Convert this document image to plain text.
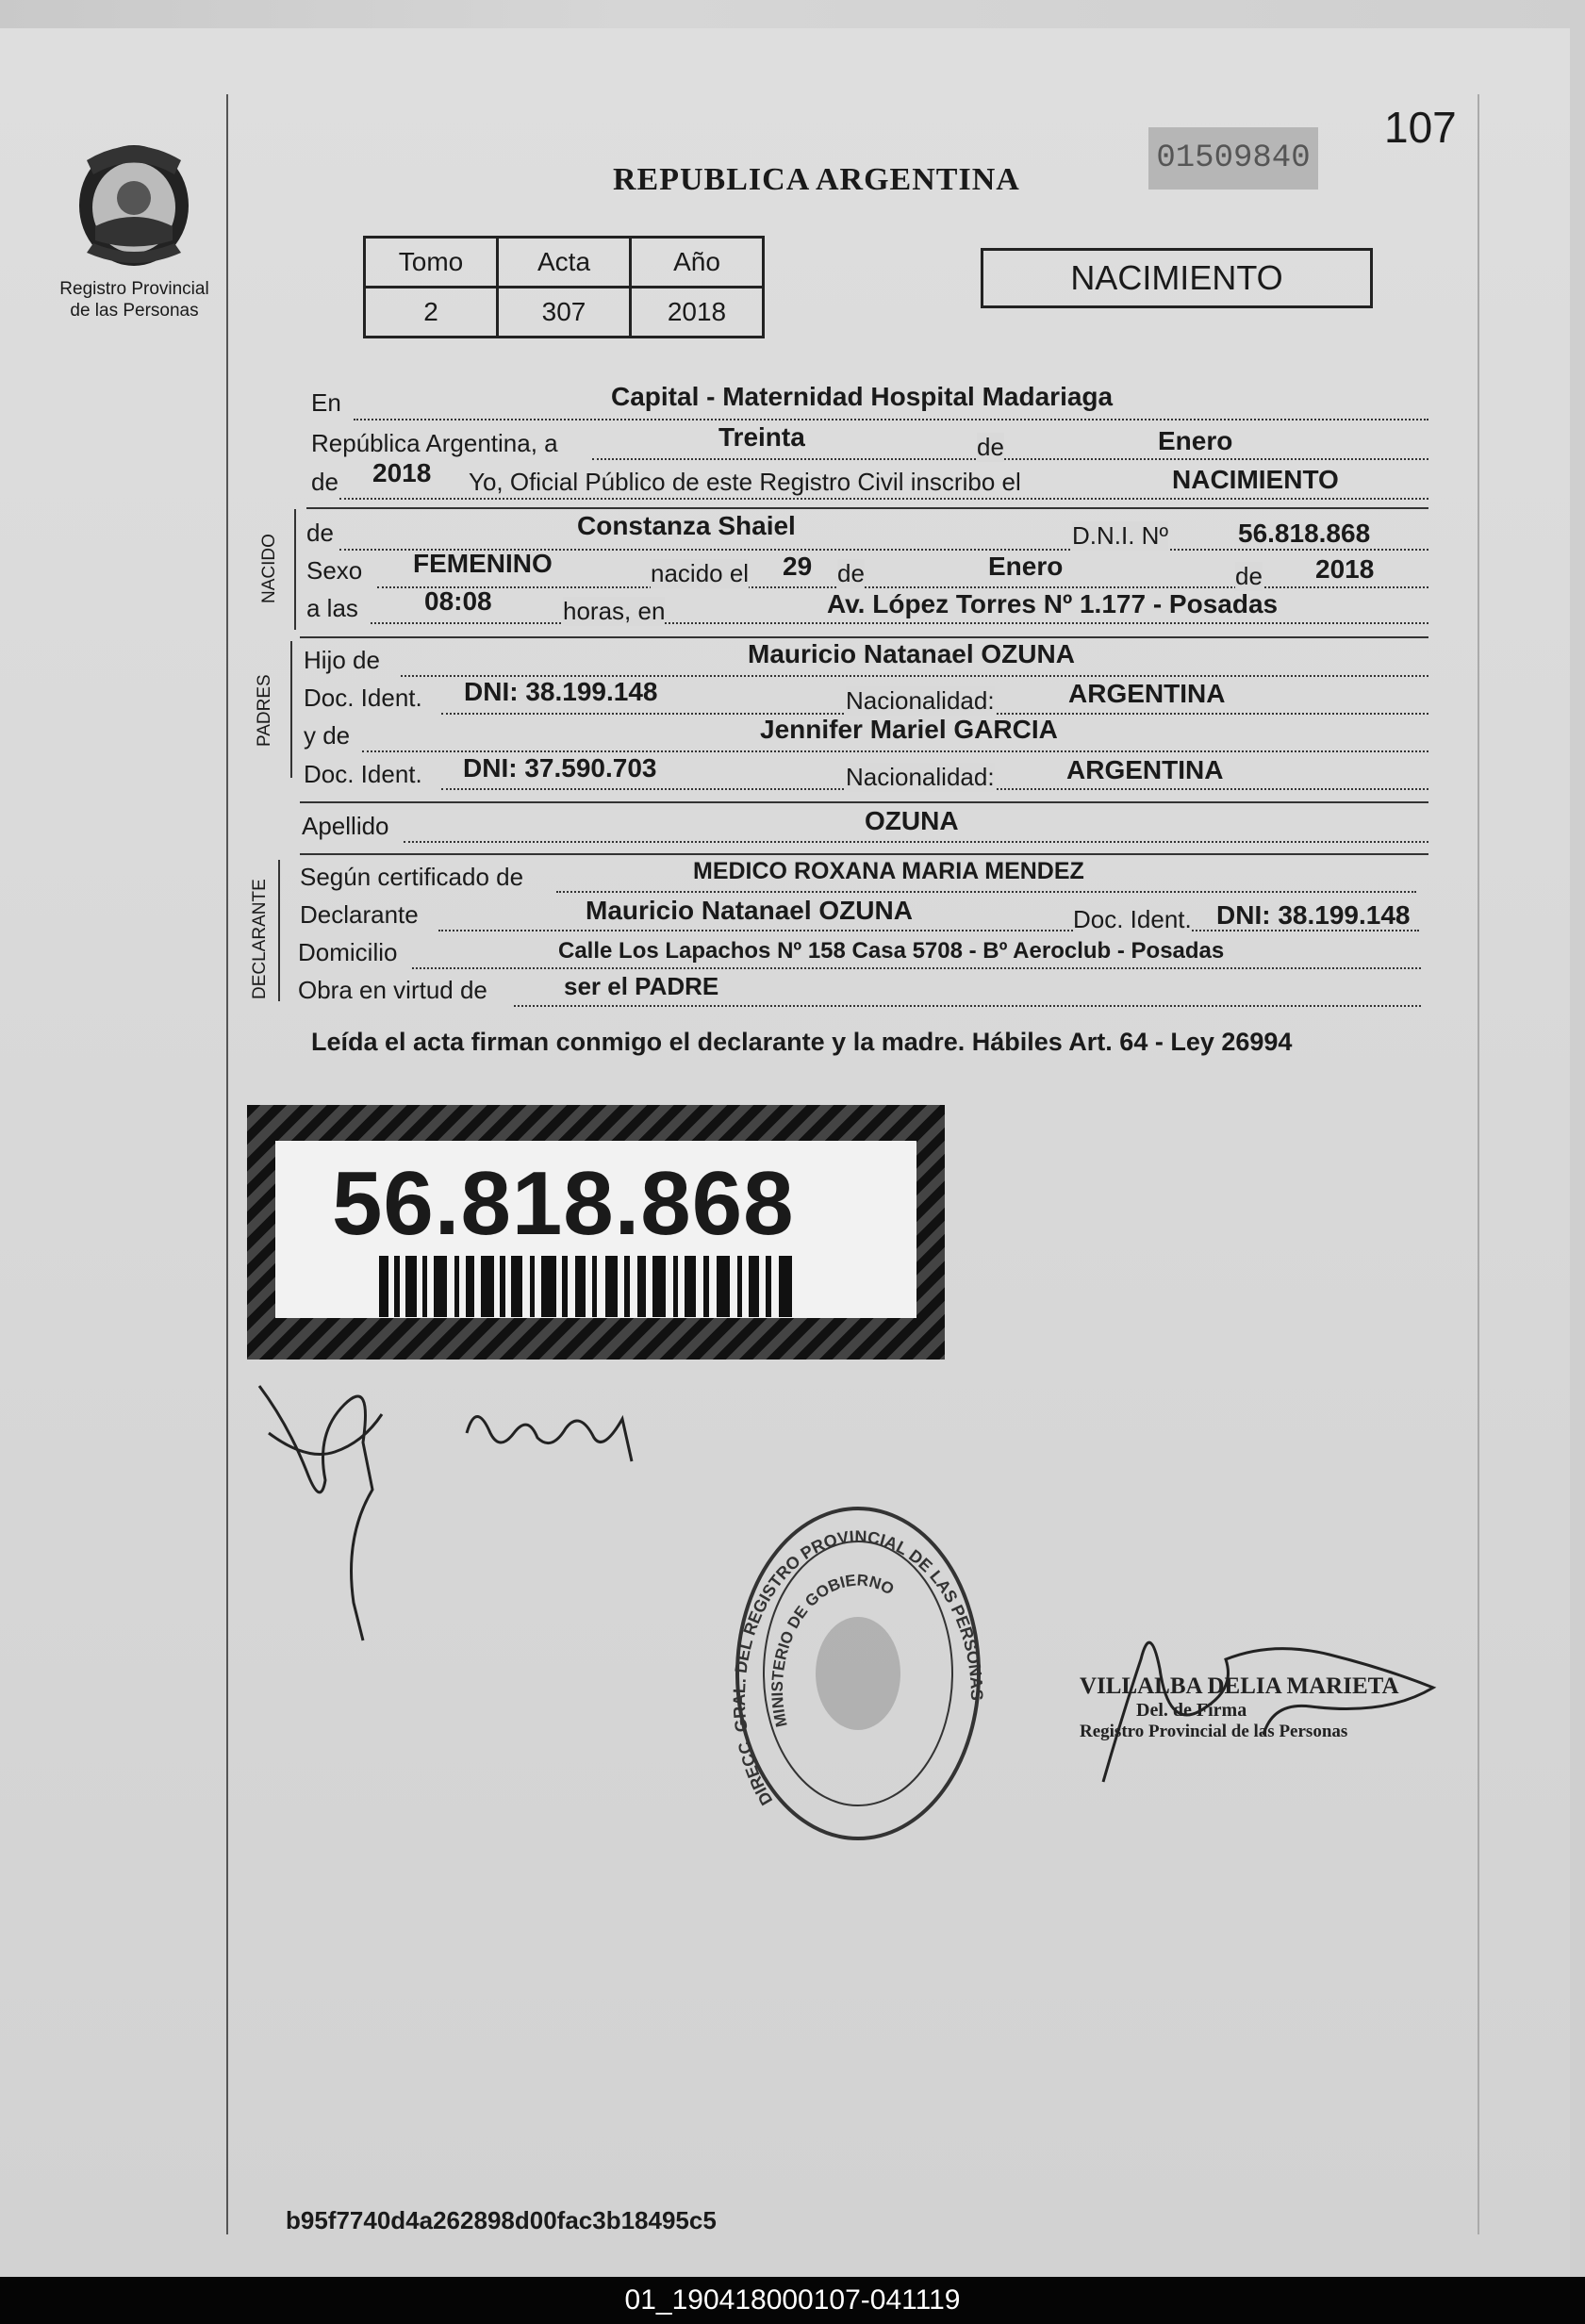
107
01509840
Registro Provincial
de las Personas
REPUBLICA ARGENTINA
Tomo	Acta	Año
2	307	2018
NACIMIENTO
En	Capital - Maternidad Hospital Madariaga
República Argentina, a	Treinta	de	Enero
de 2018 Yo, Oficial Público de este Registro Civil inscribo el	NACIMIENTO
NACIDO
de	Constanza Shaiel	D.N.I. Nº	56.818.868
Sexo FEMENINO	nacido el 29 de	Enero	de 2018
a las	08:08	horas, en	Av. López Torres Nº 1.177 - Posadas
PADRES
Hijo de	Mauricio Natanael OZUNA
Doc. Ident. DNI: 38.199.148	Nacionalidad:	ARGENTINA
y de	Jennifer Mariel GARCIA
Doc. Ident. DNI: 37.590.703	Nacionalidad:	ARGENTINA
Apellido	OZUNA
DECLARANTE
Según certificado de	MEDICO ROXANA MARIA MENDEZ
Declarante	Mauricio Natanael OZUNA	Doc. Ident. DNI: 38.199.148
Domicilio	Calle Los Lapachos Nº 158 Casa 5708 - Bº Aeroclub - Posadas
Obra en virtud de	ser el PADRE
Leída el acta firman conmigo el declarante y la madre. Hábiles Art. 64 - Ley 26994
56.818.868
DIRECC. GRAL. DEL REGISTRO PROVINCIAL DE LAS PERSONAS
MINISTERIO DE GOBIERNO
VILLALBA DELIA MARIETA
Del. de Firma
Registro Provincial de las Personas
b95f7740d4a262898d00fac3b18495c5
01_190418000107-041119
